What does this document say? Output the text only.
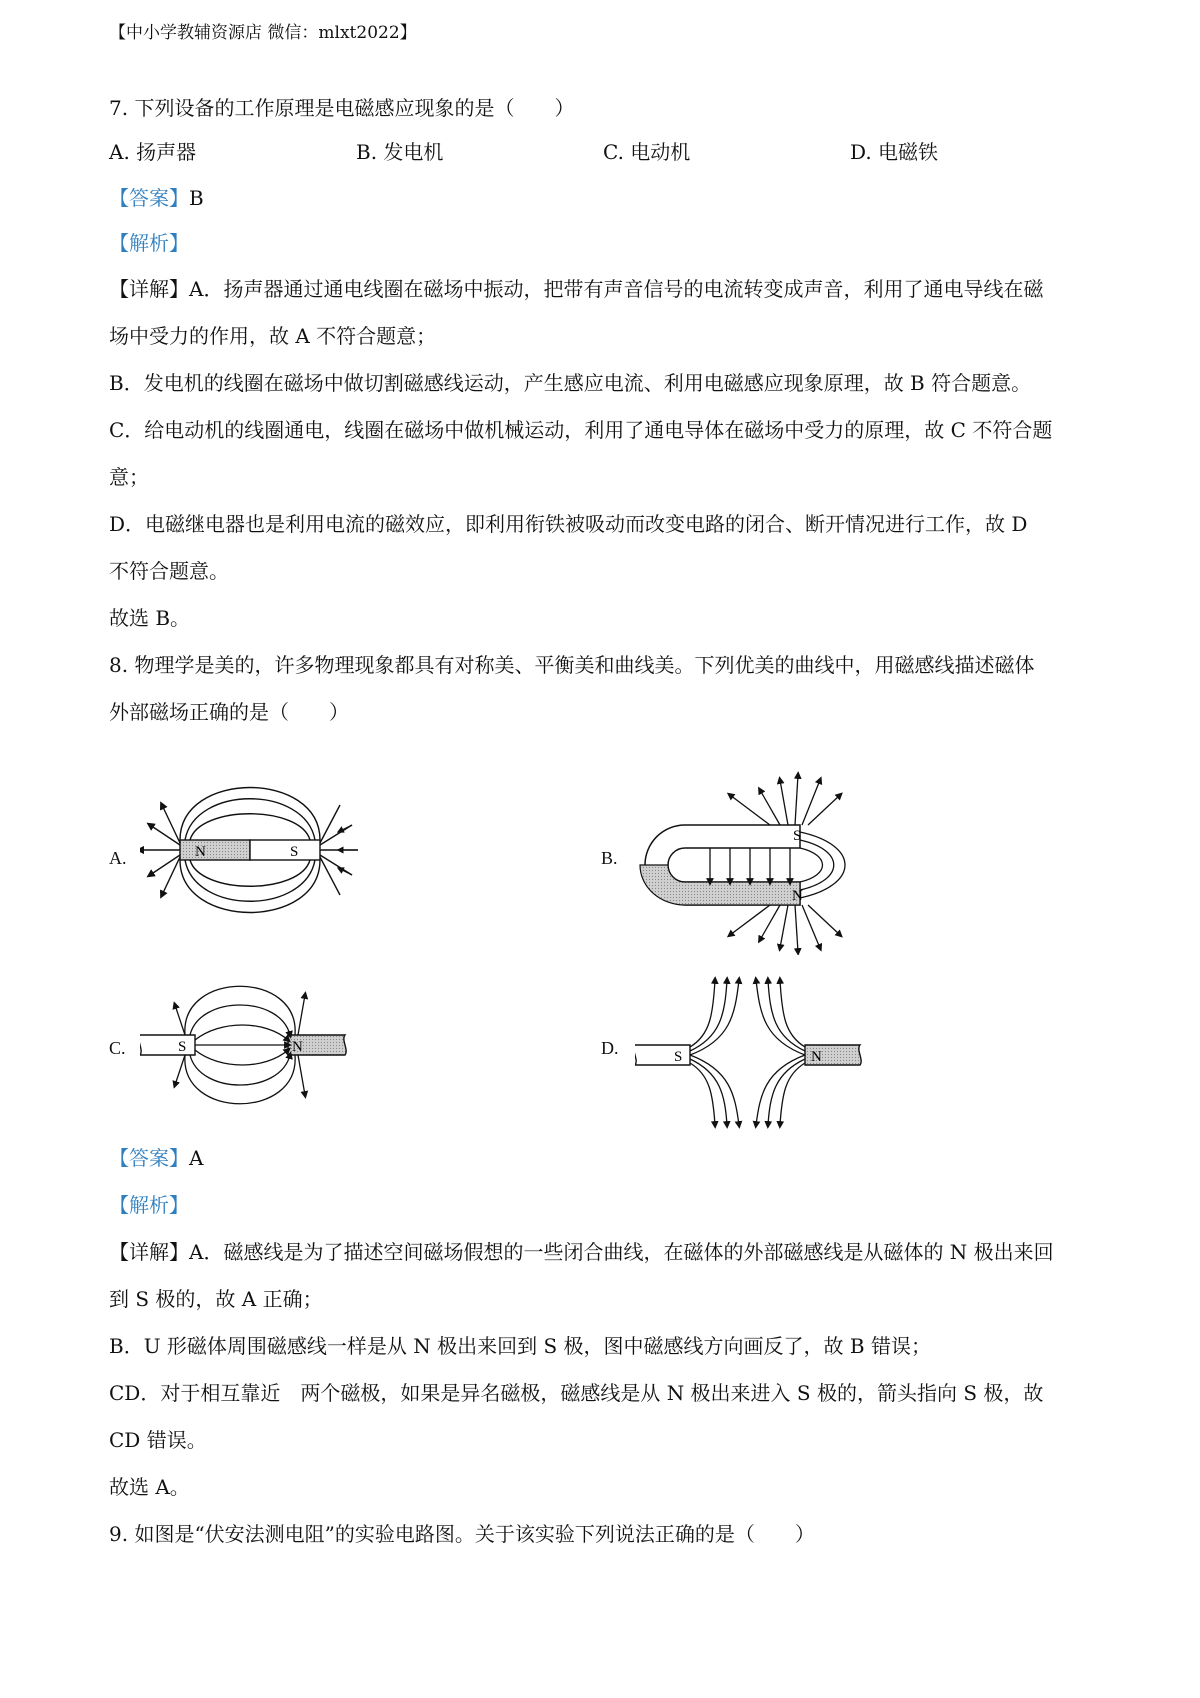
【中小学教辅资源店 微信：mlxt2022】
7. 下列设备的工作原理是电磁感应现象的是（　　）
A. 扬声器	B. 发电机	C. 电动机	D. 电磁铁
【答案】B
【解析】
【详解】A．扬声器通过通电线圈在磁场中振动，把带有声音信号的电流转变成声音，利用了通电导线在磁
场中受力的作用，故 A 不符合题意；
B．发电机的线圈在磁场中做切割磁感线运动，产生感应电流、利用电磁感应现象原理，故 B 符合题意。
C．给电动机的线圈通电，线圈在磁场中做机械运动，利用了通电导体在磁场中受力的原理，故 C 不符合题
意；
D．电磁继电器也是利用电流的磁效应，即利用衔铁被吸动而改变电路的闭合、断开情况进行工作，故 D
不符合题意。
故选 B。
8. 物理学是美的，许多物理现象都具有对称美、平衡美和曲线美。下列优美的曲线中，用磁感线描述磁体
外部磁场正确的是（　　）
A.	B.
C.	D.
N	S
S
N
S	N
S	N
【答案】A
【解析】
【详解】A．磁感线是为了描述空间磁场假想的一些闭合曲线，在磁体的外部磁感线是从磁体的 N 极出来回
到 S 极的，故 A 正确；
B．U 形磁体周围磁感线一样是从 N 极出来回到 S 极，图中磁感线方向画反了，故 B 错误；
CD．对于相互靠近　两个磁极，如果是异名磁极，磁感线是从 N 极出来进入 S 极的，箭头指向 S 极，故
CD 错误。
故选 A。
9. 如图是“伏安法测电阻”的实验电路图。关于该实验下列说法正确的是（　　）
